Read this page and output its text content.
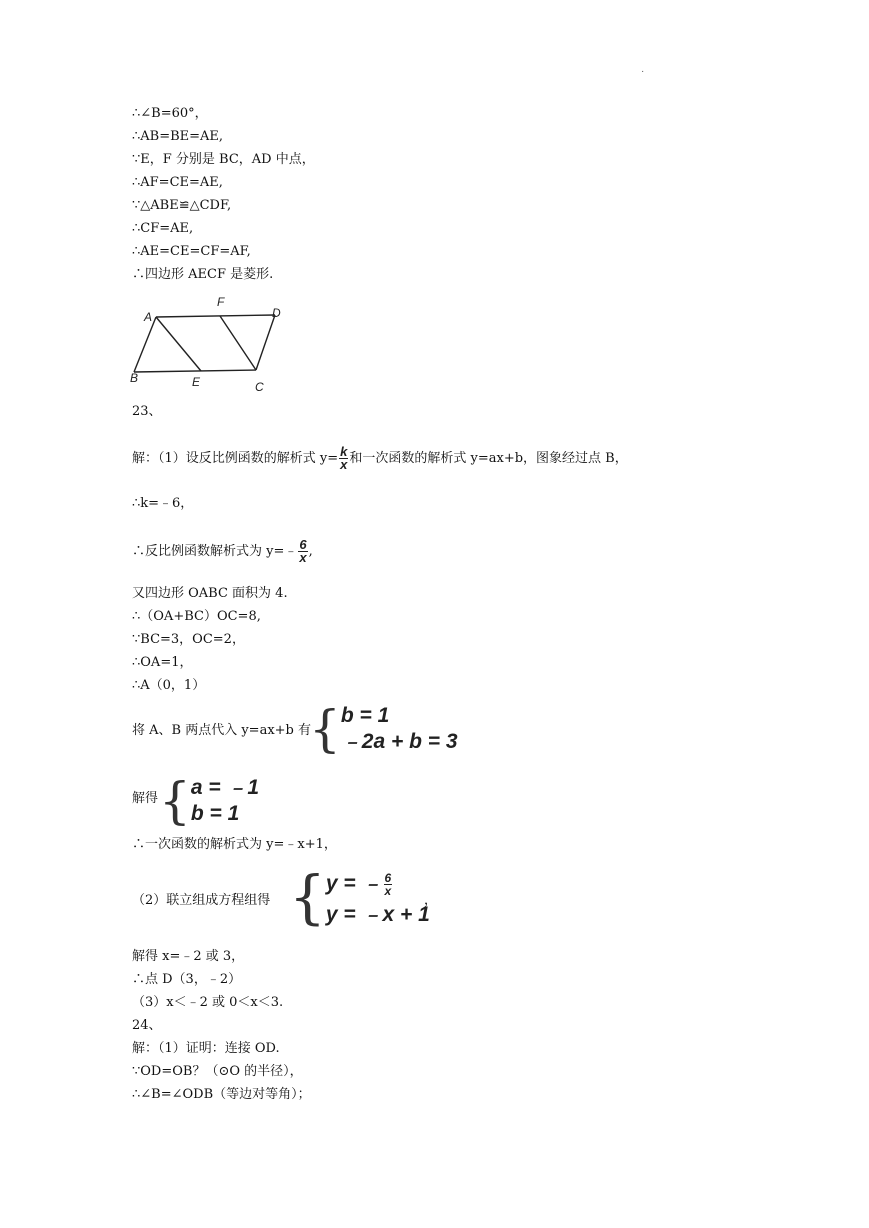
·
∴∠B=60°，
∴AB=BE=AE,
∵E，F 分别是 BC，AD 中点，
∴AF=CE=AE,
∵△ABE≌△CDF,
∴CF=AE,
∴AE=CE=CF=AF,
∴四边形 AECF 是菱形.
A
F
D
B	E	C
23、
解：（1）设反比例函数的解析式 $y= \frac{k}{x}$ 和一次函数的解析式 y=ax+b，图象经过点 B，
∴k=﹣6，
∴反比例函数解析式为 y=﹣ $\frac{6}{x}$ ,
又四边形 OABC 面积为 4.
∴（OA+BC）OC=8,
∵BC=3，OC=2，
∴OA=1，
∴A（0，1）
将 A、B 两点代入 y=ax+b 有
{ b = 1
﹣2a + b = 3
解得 { a = ﹣1
b = 1
∴一次函数的解析式为 y=﹣x+1，
（2）联立组成方程组得 { y = ﹣ $\frac{6}{x}$
y = ﹣x + 1
，
解得 x=﹣2 或 3，
∴点 D（3，﹣2）
（3）x＜﹣2 或 0＜x＜3.
24、
解：（1）证明：连接 OD.
∵OD=OB？（⊙O 的半径），
∴∠B=∠ODB（等边对等角）；
